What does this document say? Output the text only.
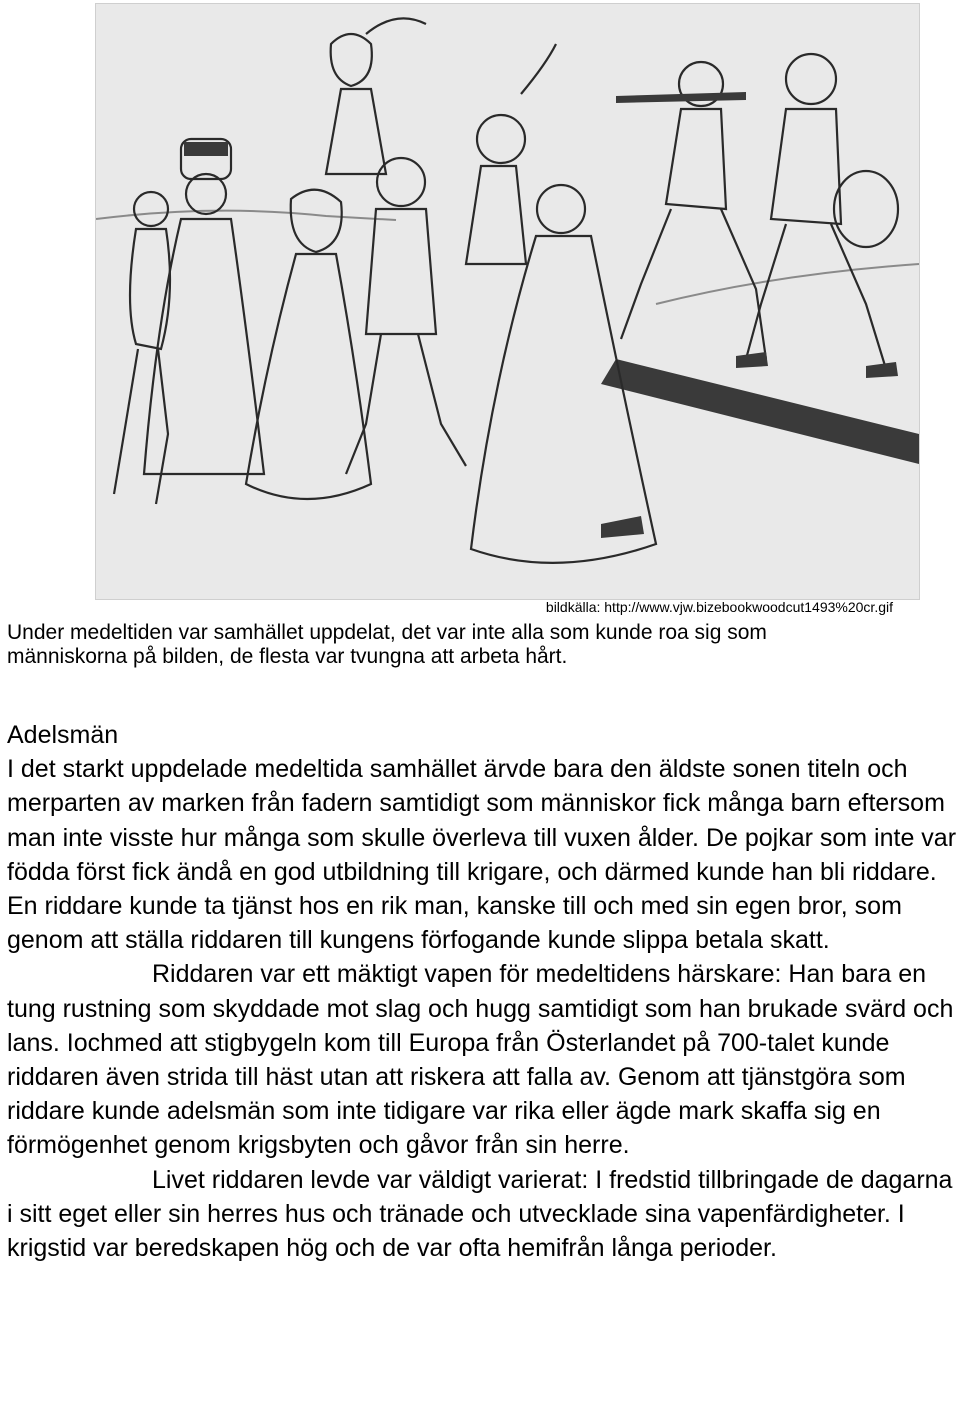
bildkälla: http://www.vjw.bizebookwoodcut1493%20cr.gif

Under medeltiden var samhället uppdelat, det var inte alla som kunde roa sig som

människorna på bilden, de flesta var tvungna att arbeta hårt.

Adelsmän

I det starkt uppdelade medeltida samhället ärvde bara den äldste sonen titeln och merparten av marken från fadern samtidigt som människor fick många barn eftersom man inte visste hur många som skulle överleva till vuxen ålder. De pojkar som inte var födda först fick ändå en god utbildning till krigare, och därmed kunde han bli riddare. En riddare kunde ta tjänst hos en rik man, kanske till och med sin egen bror, som genom att ställa riddaren till kungens förfogande kunde slippa betala skatt.

Riddaren var ett mäktigt vapen för medeltidens härskare: Han bara en tung rustning som skyddade mot slag och hugg samtidigt som han brukade svärd och lans. Iochmed att stigbygeln kom till Europa från Österlandet på 700-talet kunde riddaren även strida till häst utan att riskera att falla av. Genom att tjänstgöra som riddare kunde adelsmän som inte tidigare var rika eller ägde mark skaffa sig en förmögenhet genom krigsbyten och gåvor från sin herre.

Livet riddaren levde var väldigt varierat: I fredstid tillbringade de dagarna i sitt eget eller sin herres hus och tränade och utvecklade sina vapenfärdigheter. I krigstid var beredskapen hög och de var ofta hemifrån långa perioder.
